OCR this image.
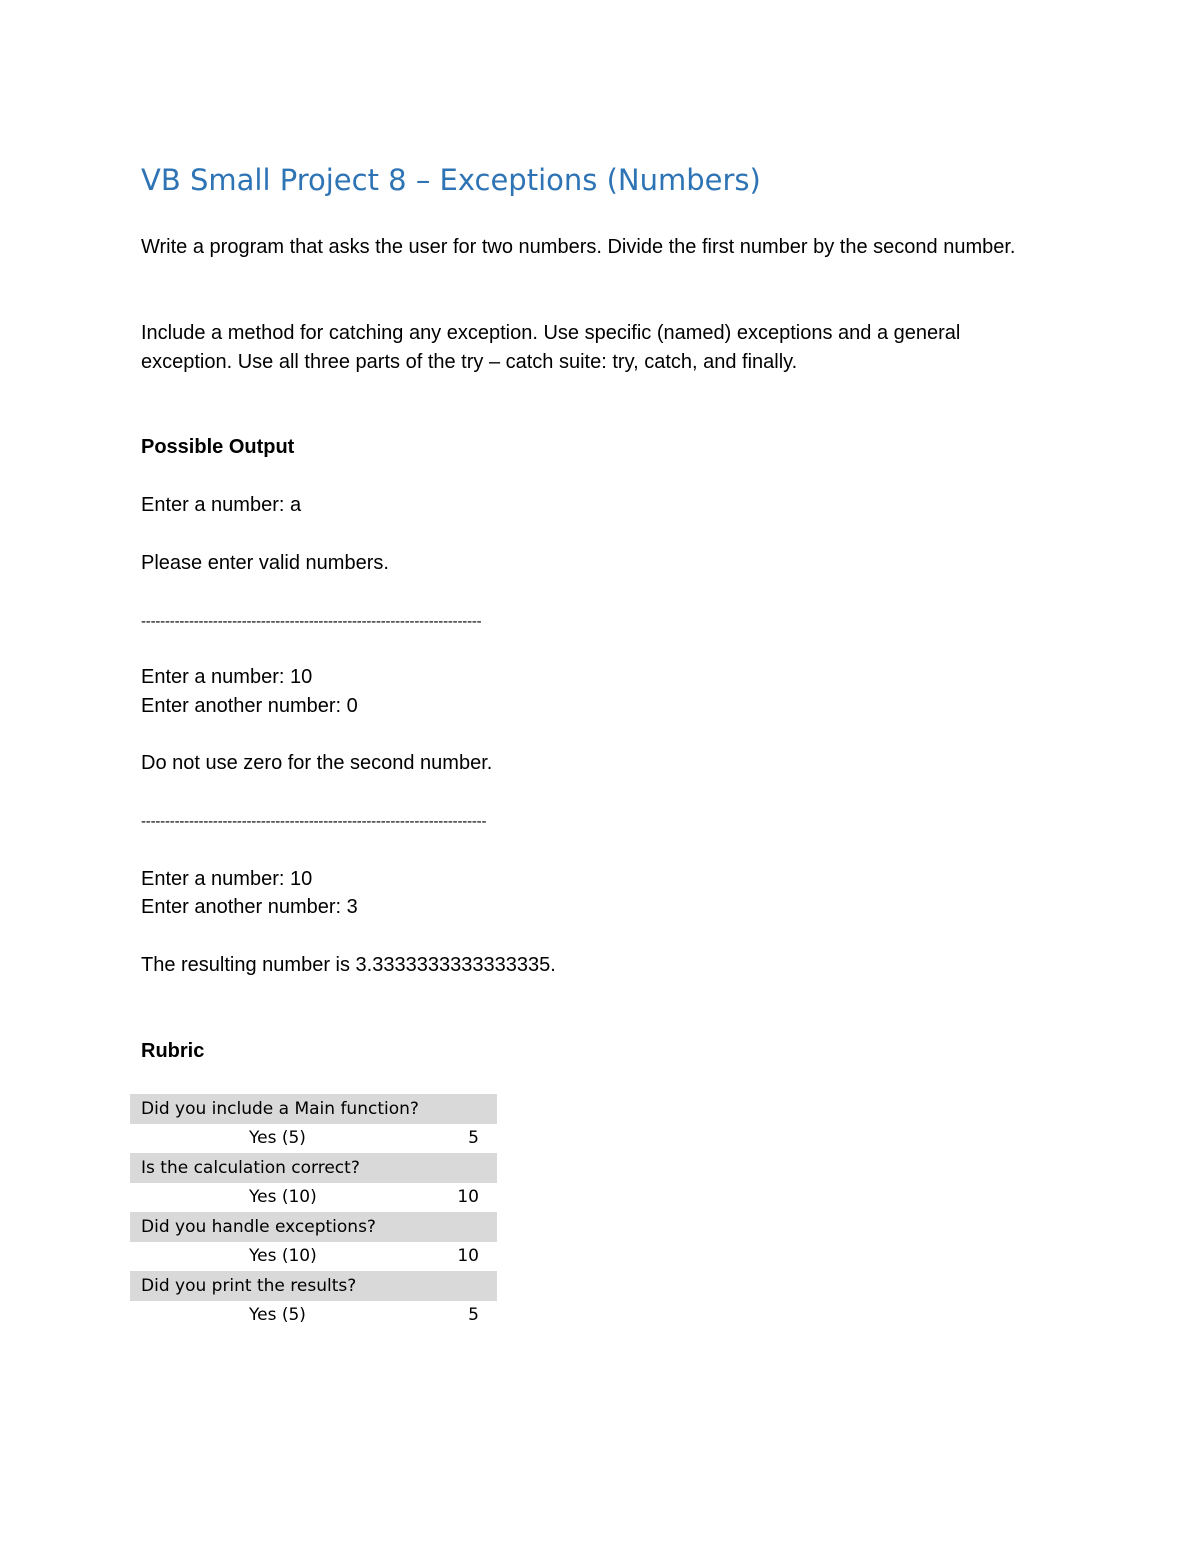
VB Small Project 8 – Exceptions (Numbers)

Write a program that asks the user for two numbers. Divide the first number by the second number.

Include a method for catching any exception. Use specific (named) exceptions and a general exception. Use all three parts of the try – catch suite: try, catch, and finally.

Possible Output

Enter a number: a

Please enter valid numbers.

-----------------------------------------------------------------------

Enter a number: 10

Enter another number: 0

Do not use zero for the second number.

------------------------------------------------------------------------

Enter a number: 10

Enter another number: 3

The resulting number is 3.3333333333333335.

Rubric

Did you include a Main function?	
Yes (5)	5
Is the calculation correct?	
Yes (10)	10
Did you handle exceptions?	
Yes (10)	10
Did you print the results?	
Yes (5)	5
